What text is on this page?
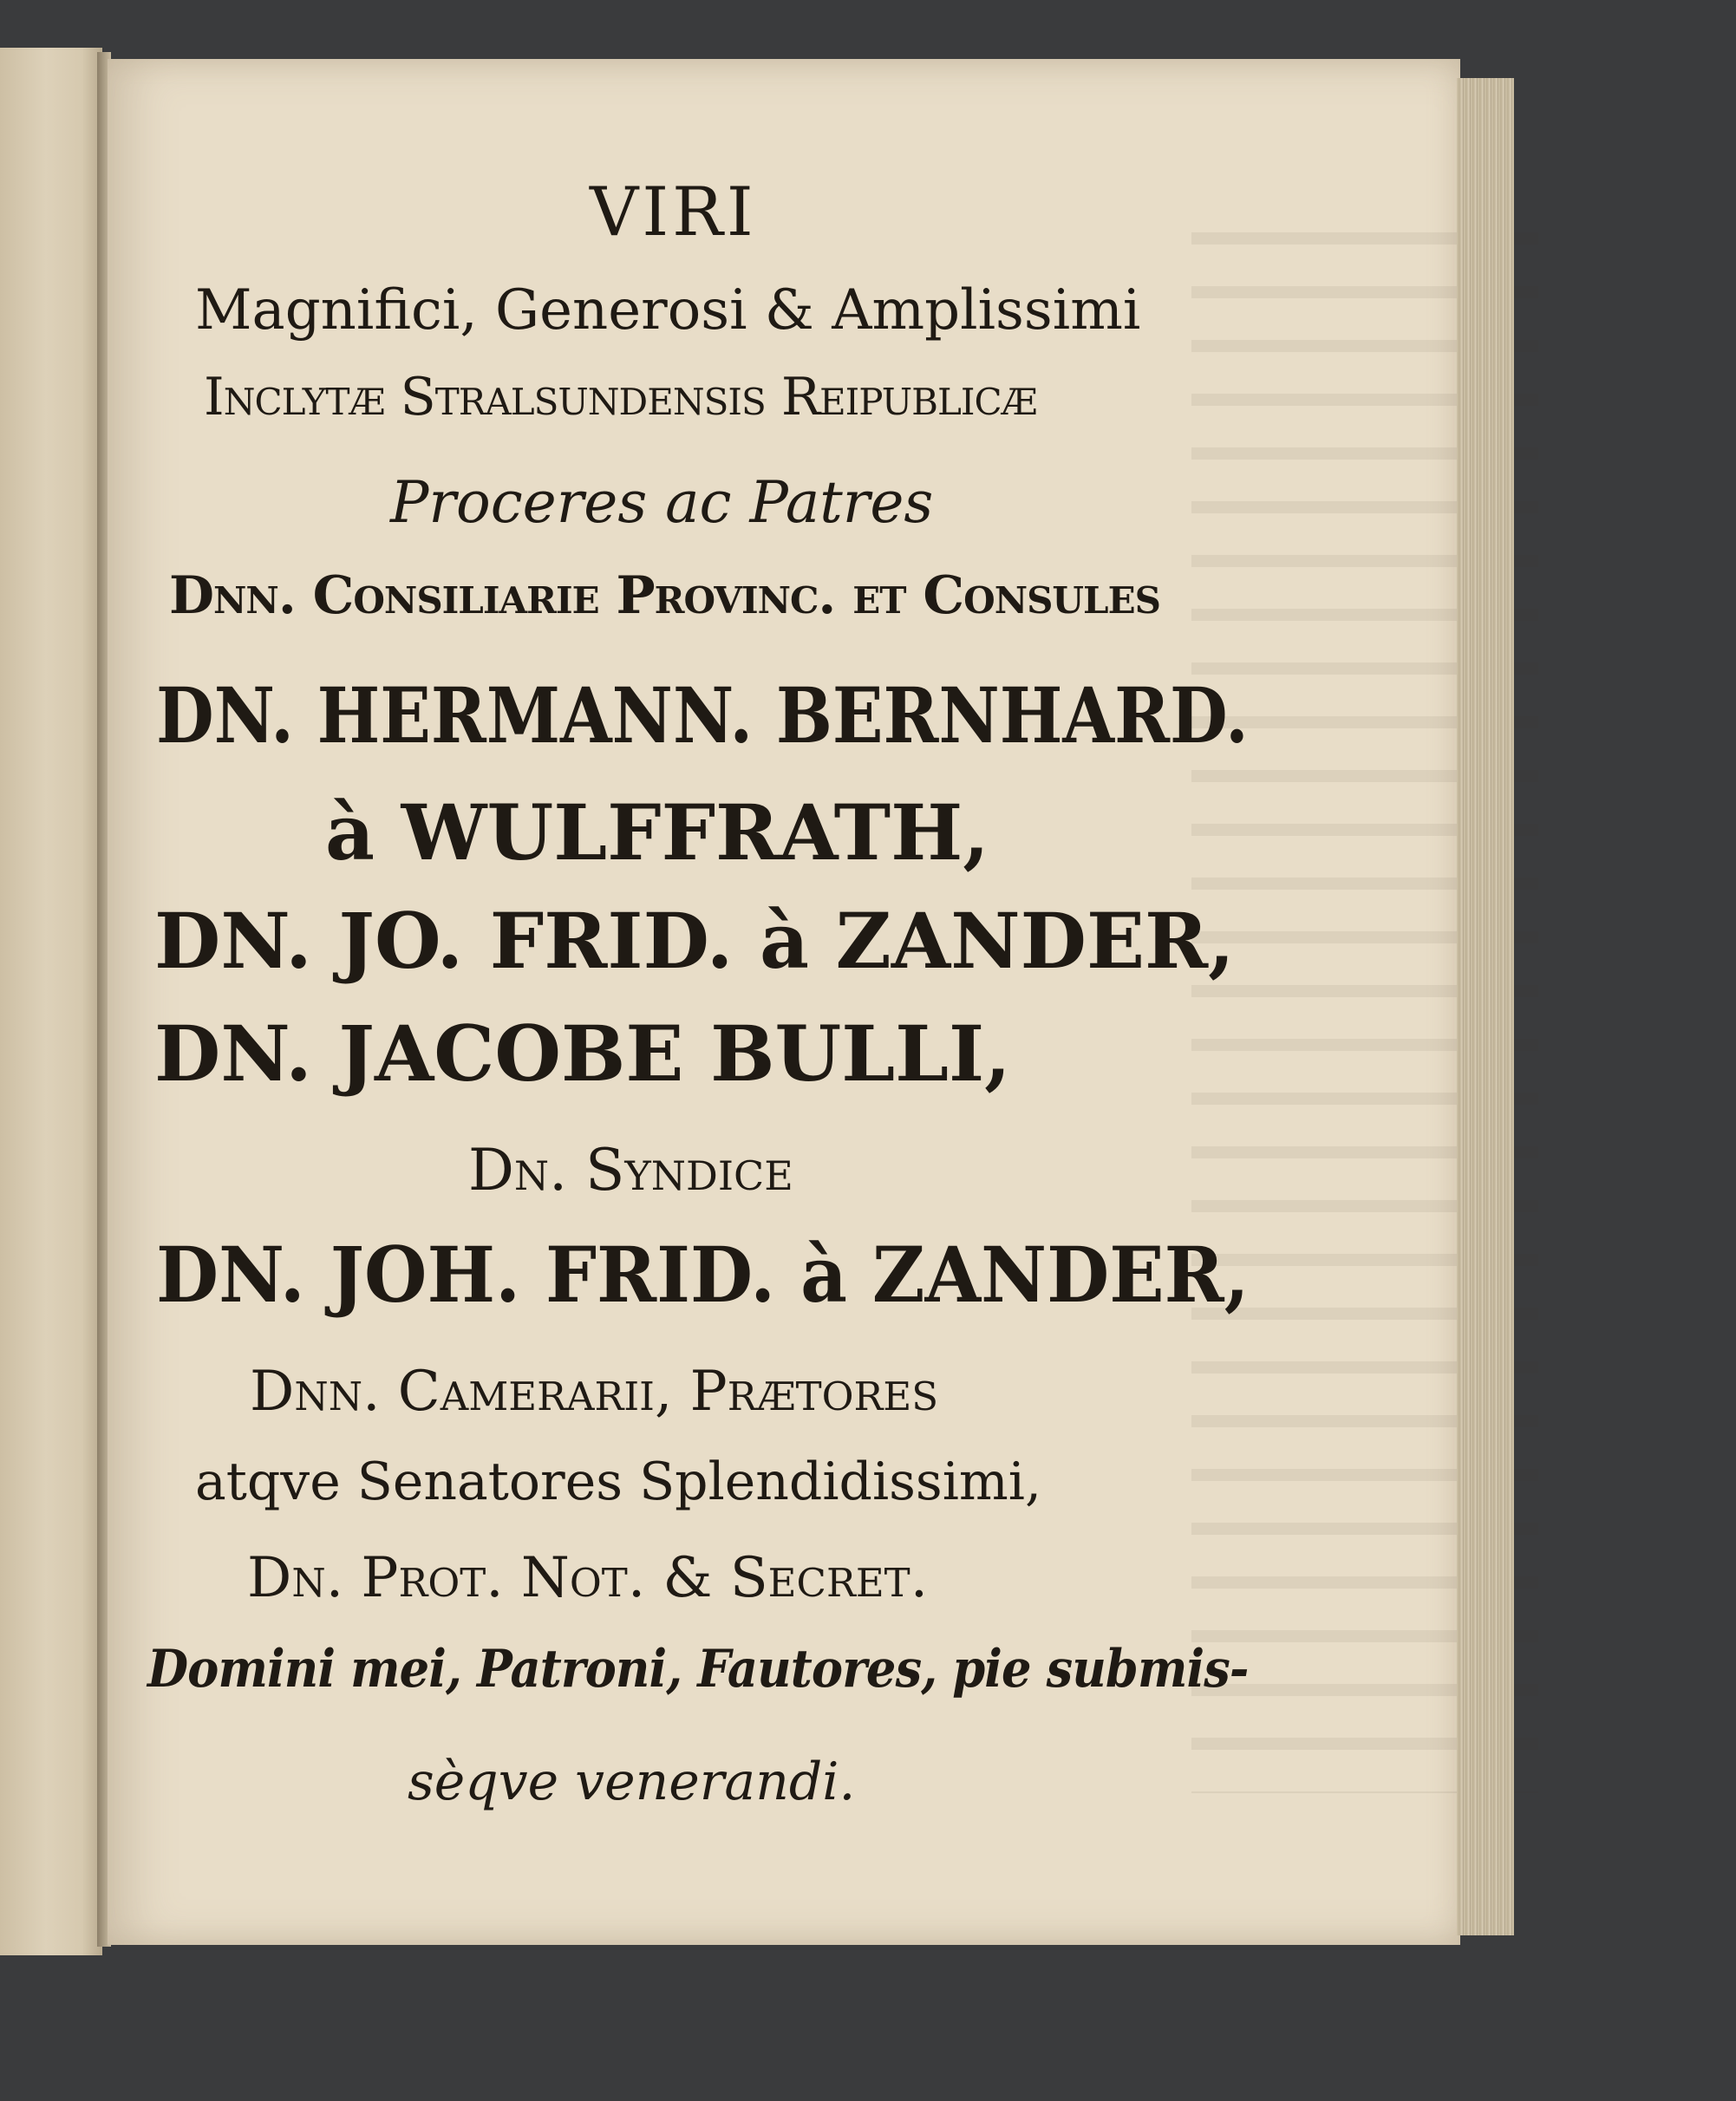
VIRI
Magnifici, Generosi & Amplissimi
Inclytæ Stralsundensis Reipublicæ
Proceres ac Patres
Dnn. Consiliarie Provinc. et Consules
DN. HERMANN. BERNHARD.
à WULFFRATH,
DN. JO. FRID. à ZANDER,
DN. JACOBE BULLI,
Dn. Syndice
DN. JOH. FRID. à ZANDER,
Dnn. Camerarii, Prætores
atqve Senatores Splendidissimi,
Dn. Prot. Not. & Secret.
Domini mei, Patroni, Fautores, pie submis-
sèqve venerandi.
